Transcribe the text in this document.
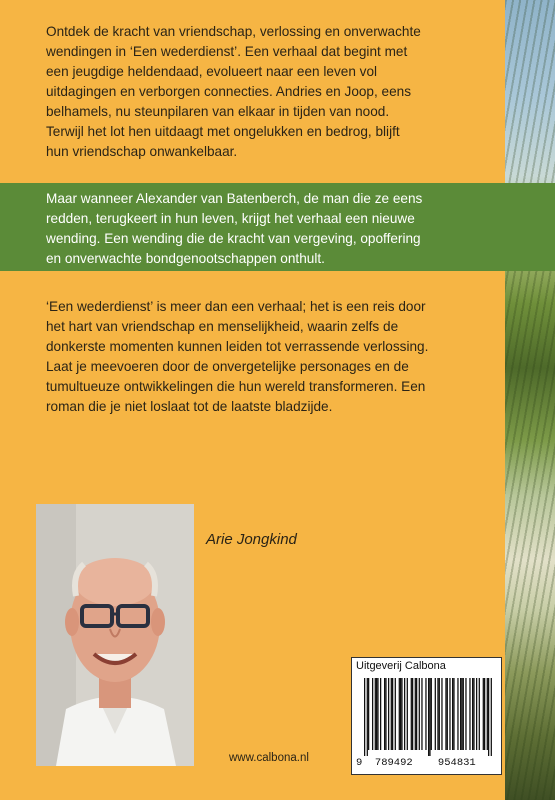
Ontdek de kracht van vriendschap, verlossing en onverwachte
wendingen in ‘Een wederdienst’. Een verhaal dat begint met
een jeugdige heldendaad, evolueert naar een leven vol
uitdagingen en verborgen connecties. Andries en Joop, eens
belhamels, nu steunpilaren van elkaar in tijden van nood.
Terwijl het lot hen uitdaagt met ongelukken en bedrog, blijft
hun vriendschap onwankelbaar.

Maar wanneer Alexander van Batenberch, de man die ze eens
redden, terugkeert in hun leven, krijgt het verhaal een nieuwe
wending. Een wending die de kracht van vergeving, opoffering
en onverwachte bondgenootschappen onthult.

‘Een wederdienst’ is meer dan een verhaal; het is een reis door
het hart van vriendschap en menselijkheid, waarin zelfs de
donkerste momenten kunnen leiden tot verrassende verlossing.
Laat je meevoeren door de onvergetelijke personages en de
tumultueuze ontwikkelingen die hun wereld transformeren. Een
roman die je niet loslaat tot de laatste bladzijde.

Arie Jongkind
www.calbona.nl
Uitgeverij Calbona
9  789492    954831
